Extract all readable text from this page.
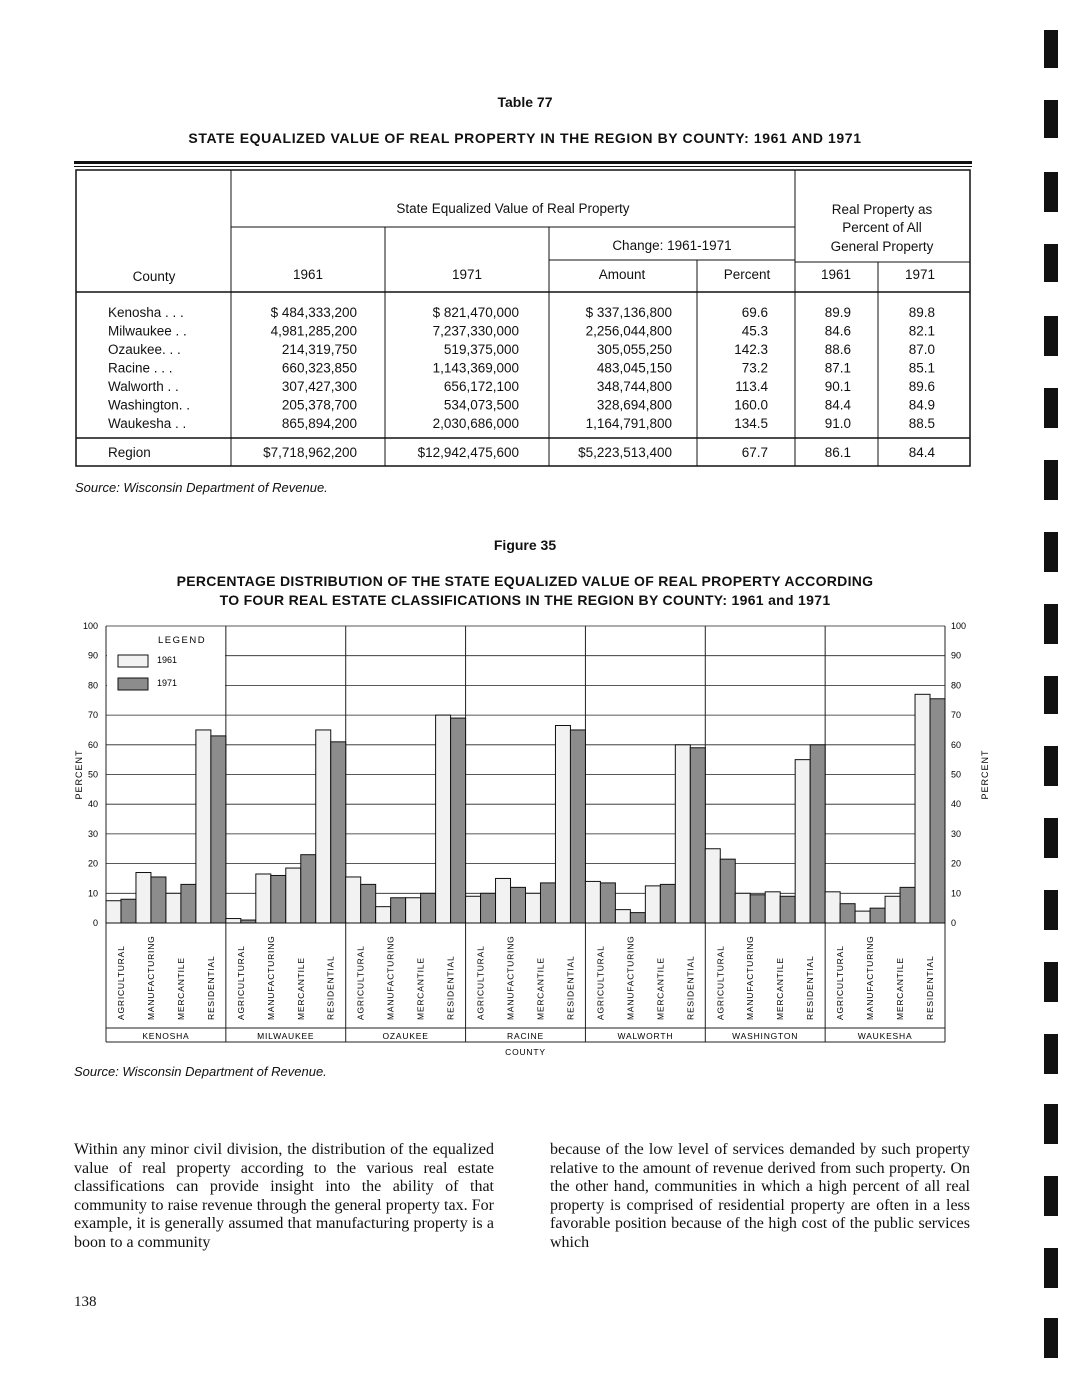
Table 77
STATE EQUALIZED VALUE OF REAL PROPERTY IN THE REGION BY COUNTY: 1961 AND 1971
State Equalized Value of Real Property
Change: 1961-1971
Real Property as
Percent of All
General Property
County	1961	1971	Amount	Percent	1961	1971
Kenosha . . .	$ 484,333,200	$ 821,470,000	$ 337,136,800	69.6	89.9	89.8
Milwaukee . .	4,981,285,200	7,237,330,000	2,256,044,800	45.3	84.6	82.1
Ozaukee. . .	214,319,750	519,375,000	305,055,250	142.3	88.6	87.0
Racine . . .	660,323,850	1,143,369,000	483,045,150	73.2	87.1	85.1
Walworth . .	307,427,300	656,172,100	348,744,800	113.4	90.1	89.6
Washington. .	205,378,700	534,073,500	328,694,800	160.0	84.4	84.9
Waukesha . .	865,894,200	2,030,686,000	1,164,791,800	134.5	91.0	88.5
Region	$7,718,962,200	$12,942,475,600	$5,223,513,400	67.7	86.1	84.4
Source: Wisconsin Department of Revenue.
Figure 35
PERCENTAGE DISTRIBUTION OF THE STATE EQUALIZED VALUE OF REAL PROPERTY ACCORDING
TO FOUR REAL ESTATE CLASSIFICATIONS IN THE REGION BY COUNTY: 1961 and 1971
0	0
10	10
20	20
30	30
40	40
50	50
60	60
70	70
80	80
90	90
100	100
AGRICULTURAL MANUFACTURING MERCANTILE RESIDENTIAL
KENOSHA
AGRICULTURAL MANUFACTURING MERCANTILE RESIDENTIAL
MILWAUKEE
AGRICULTURAL MANUFACTURING MERCANTILE RESIDENTIAL
OZAUKEE
AGRICULTURAL MANUFACTURING MERCANTILE RESIDENTIAL
RACINE
AGRICULTURAL MANUFACTURING MERCANTILE RESIDENTIAL
WALWORTH
AGRICULTURAL MANUFACTURING MERCANTILE RESIDENTIAL
WASHINGTON
AGRICULTURAL MANUFACTURING MERCANTILE RESIDENTIAL
WAUKESHA
COUNTY
PERCENT	PERCENT
LEGEND
1961
1971
Source: Wisconsin Department of Revenue.
Within any minor civil division, the distribution of the equalized value of real property according to the various real estate classifications can provide insight into the ability of that community to raise revenue through the general property tax. For example, it is generally assumed that manufacturing property is a boon to a community
because of the low level of services demanded by such property relative to the amount of revenue derived from such property. On the other hand, communities in which a high percent of all real property is comprised of residential property are often in a less favorable position because of the high cost of the public services which
138
